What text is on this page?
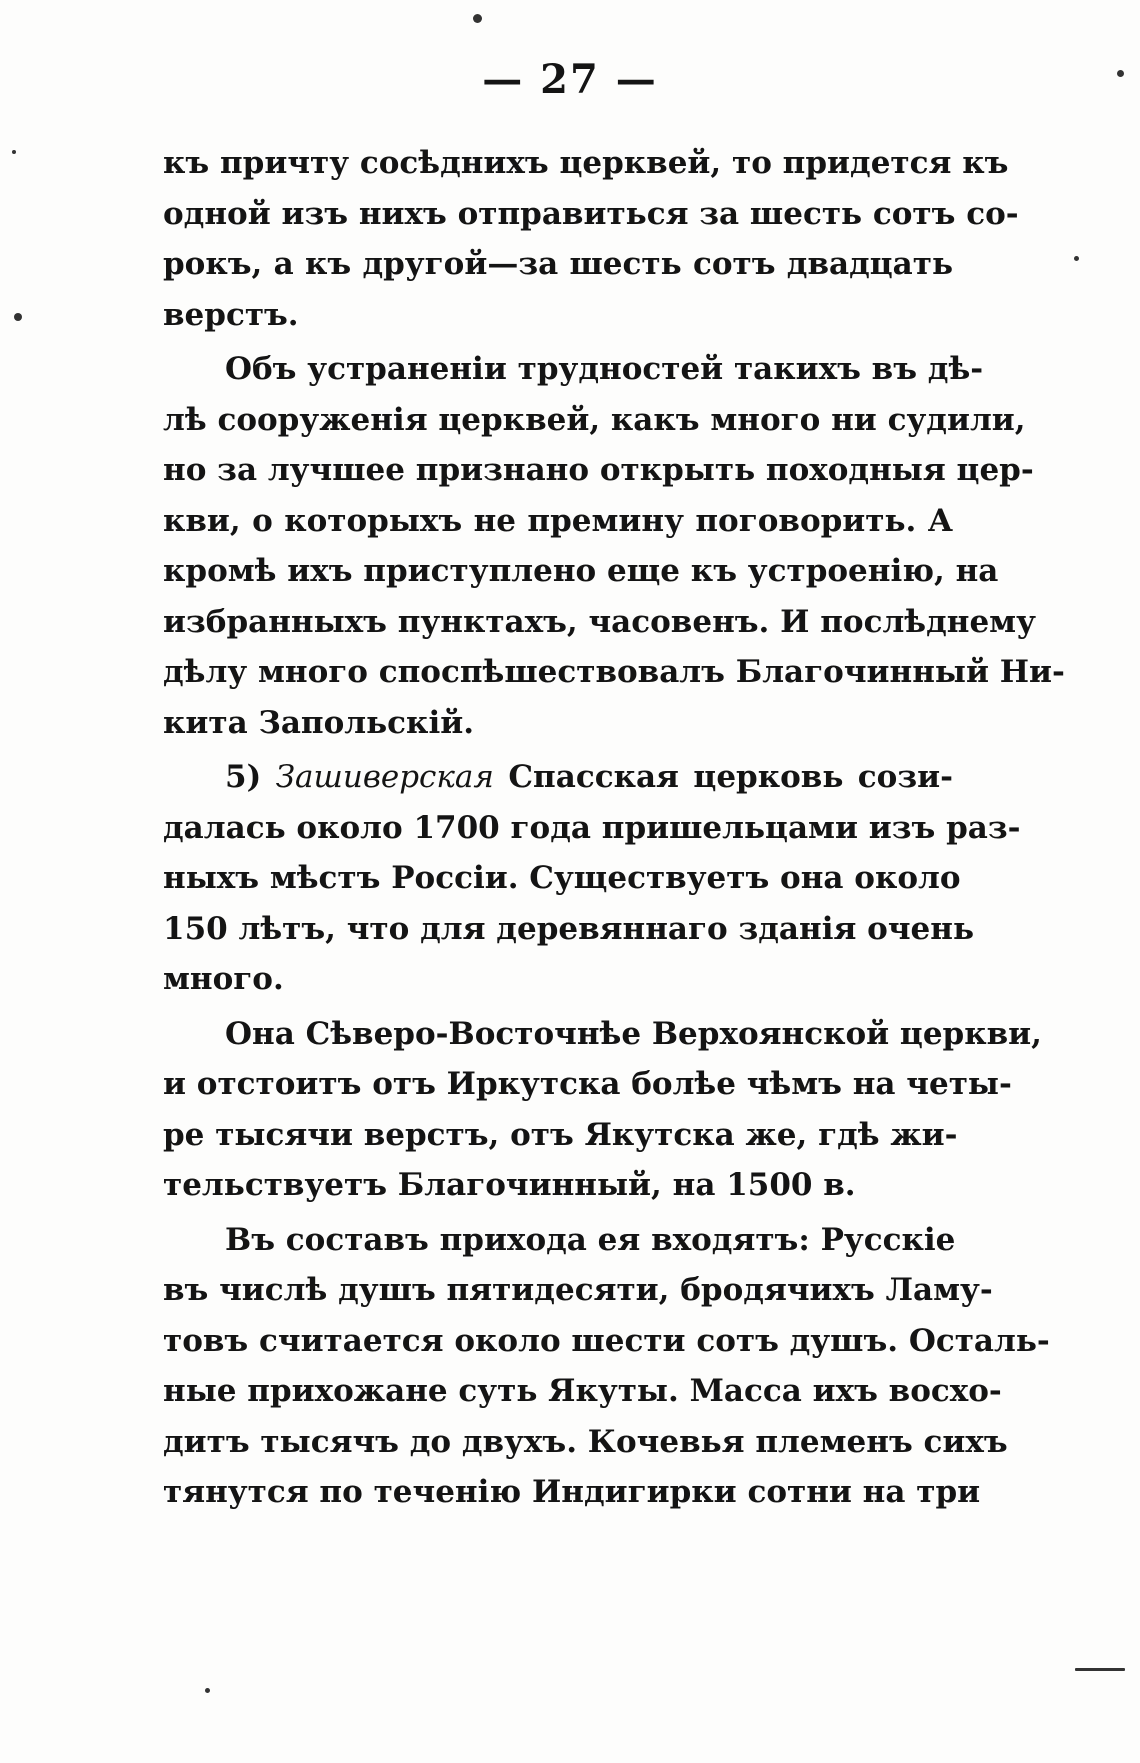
— 27 —
къ причту сосѣднихъ церквей, то придется къ
одной изъ нихъ отправиться за шесть сотъ со-
рокъ, а къ другой—за шесть сотъ двадцать
верстъ.
Объ устраненіи трудностей такихъ въ дѣ-
лѣ сооруженія церквей, какъ много ни судили,
но за лучшее признано открыть походныя цер-
кви, о которыхъ не премину поговорить. А
кромѣ ихъ приступлено еще къ устроенію, на
избранныхъ пунктахъ, часовенъ. И послѣднему
дѣлу много споспѣшествовалъ Благочинный Ни-
кита Запольскій.
5) Зашиверская Спасская церковь сози-
далась около 1700 года пришельцами изъ раз-
ныхъ мѣстъ Россіи. Существуетъ она около
150 лѣтъ, что для деревяннаго зданія очень
много.
Она Сѣверо-Восточнѣе Верхоянской церкви,
и отстоитъ отъ Иркутска болѣе чѣмъ на четы-
ре тысячи верстъ, отъ Якутска же, гдѣ жи-
тельствуетъ Благочинный, на 1500 в.
Въ составъ прихода ея входятъ: Русскіе
въ числѣ душъ пятидесяти, бродячихъ Ламу-
товъ считается около шести сотъ душъ. Осталь-
ные прихожане суть Якуты. Масса ихъ восхо-
дитъ тысячъ до двухъ. Кочевья племенъ сихъ
тянутся по теченію Индигирки сотни на три
